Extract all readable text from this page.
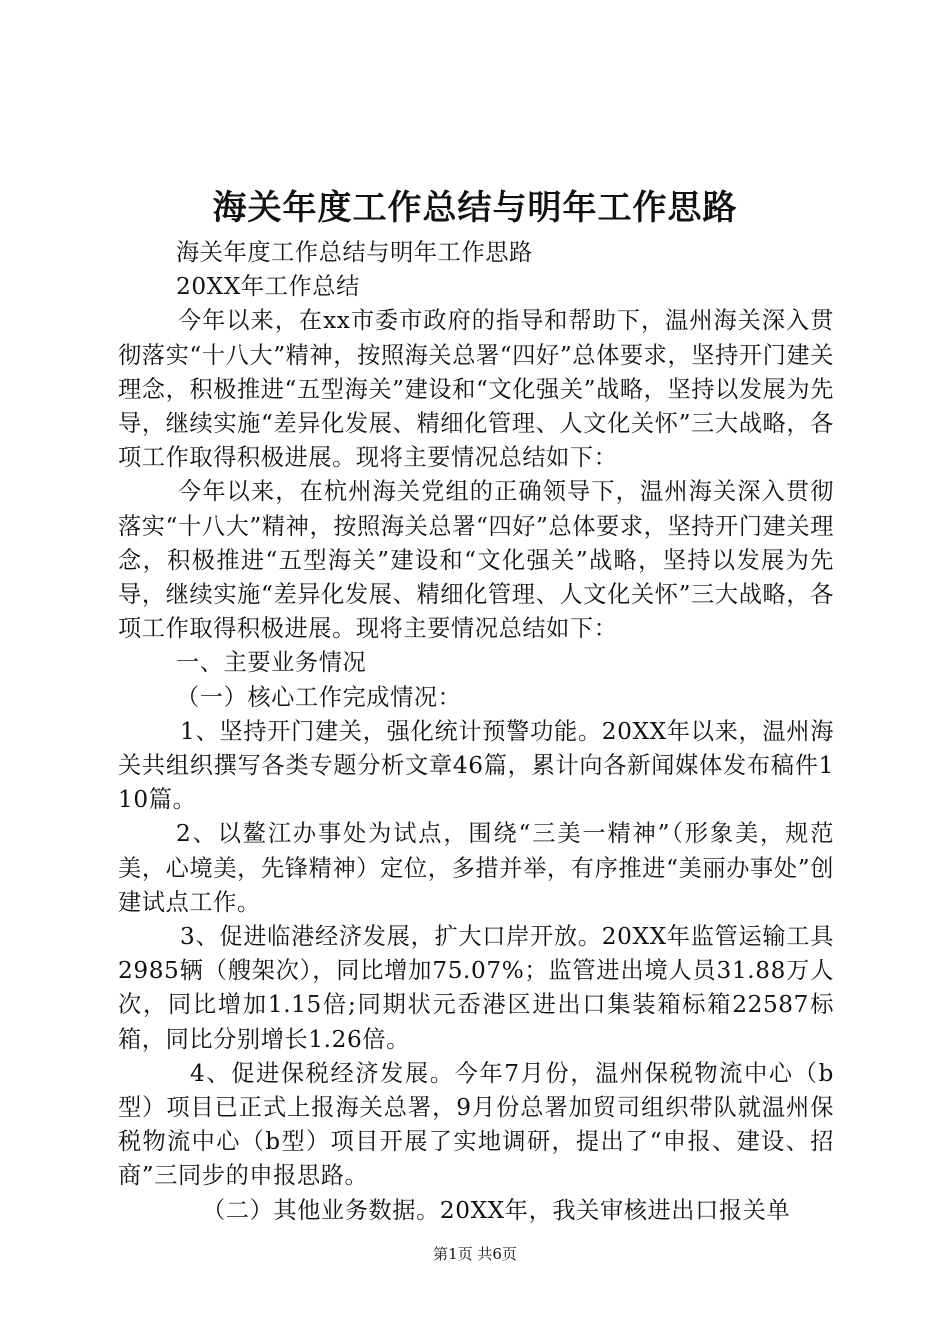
海关年度工作总结与明年工作思路

海关年度工作总结与明年工作思路

20XX年工作总结

今年以来，在xx市委市政府的指导和帮助下，温州海关深入贯彻落实“十八大”精神，按照海关总署“四好”总体要求，坚持开门建关理念，积极推进“五型海关”建设和“文化强关”战略，坚持以发展为先导，继续实施“差异化发展、精细化管理、人文化关怀”三大战略，各项工作取得积极进展。现将主要情况总结如下：

今年以来，在杭州海关党组的正确领导下，温州海关深入贯彻落实“十八大”精神，按照海关总署“四好”总体要求，坚持开门建关理念，积极推进“五型海关”建设和“文化强关”战略，坚持以发展为先导，继续实施“差异化发展、精细化管理、人文化关怀”三大战略，各项工作取得积极进展。现将主要情况总结如下：

一、主要业务情况

（一）核心工作完成情况：

1、坚持开门建关，强化统计预警功能。20XX年以来，温州海关共组织撰写各类专题分析文章46篇，累计向各新闻媒体发布稿件110篇。

2、以鳌江办事处为试点，围绕“三美一精神”（形象美，规范美，心境美，先锋精神）定位，多措并举，有序推进“美丽办事处”创建试点工作。

3、促进临港经济发展，扩大口岸开放。20XX年监管运输工具2985辆（艘架次），同比增加75.07%；监管进出境人员31.88万人次，同比增加1.15倍;同期状元岙港区进出口集装箱标箱22587标箱，同比分别增长1.26倍。

4、促进保税经济发展。今年7月份，温州保税物流中心（b型）项目已正式上报海关总署，9月份总署加贸司组织带队就温州保税物流中心（b型）项目开展了实地调研，提出了“申报、建设、招商”三同步的申报思路。

（二）其他业务数据。20XX年，我关审核进出口报关单

第1页 共6页
